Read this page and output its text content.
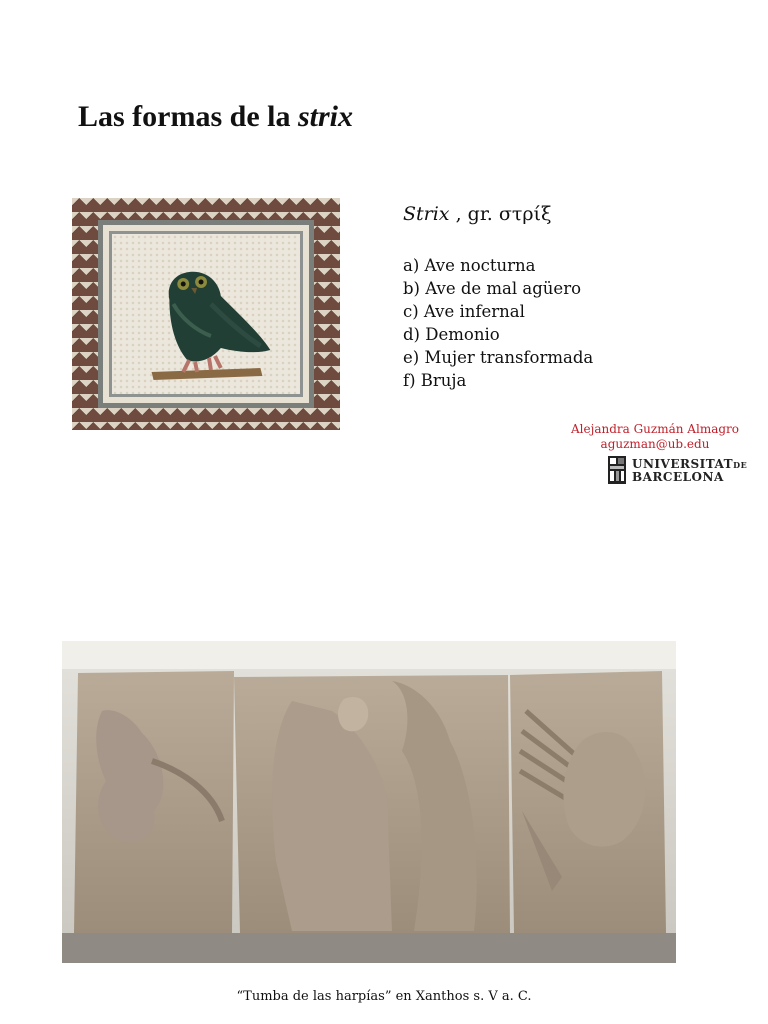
Las formas de la strix
Strix , gr. στρίξ
a) Ave nocturna
b) Ave de mal agüero
c) Ave infernal
d) Demonio
e) Mujer transformada
f) Bruja
Alejandra Guzmán Almagro
aguzman@ub.edu
UNIVERSITATDE
BARCELONA
“Tumba de las harpías” en Xanthos s. V a. C.
